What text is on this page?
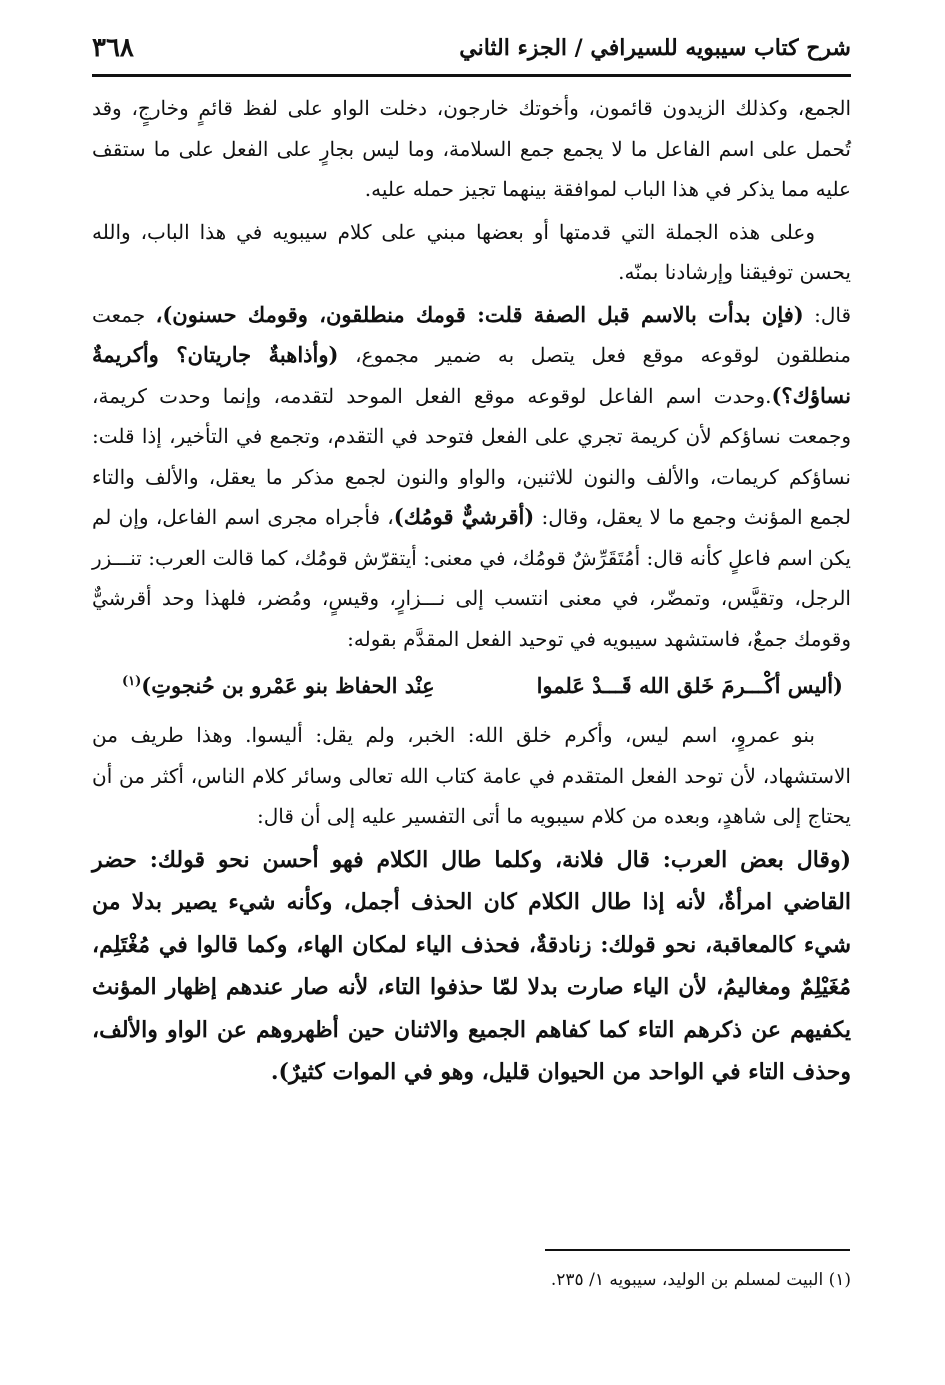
٣٦٨	شرح كتاب سيبويه للسيرافي / الجزء الثاني

الجمع، وكذلك الزيدون قائمون، وأخوتك خارجون، دخلت الواو على لفظ قائمٍ وخارجٍ، وقد تُحمل على اسم الفاعل ما لا يجمع جمع السلامة، وما ليس بجارٍ على الفعل على ما ستقف عليه مما يذكر في هذا الباب لموافقة بينهما تجيز حمله عليه.

وعلى هذه الجملة التي قدمتها أو بعضها مبني على كلام سيبويه في هذا الباب، والله يحسن توفيقنا وإرشادنا بمنّه.

قال: (فإن بدأت بالاسم قبل الصفة قلت: قومك منطلقون، وقومك حسنون)، جمعت منطلقون لوقوعه موقع فعل يتصل به ضمير مجموع، (وأذاهبةٌ جاريتان؟ وأكريمةٌ نساؤك؟).وحدت اسم الفاعل لوقوعه موقع الفعل الموحد لتقدمه، وإنما وحدت كريمة، وجمعت نساؤكم لأن كريمة تجري على الفعل فتوحد في التقدم، وتجمع في التأخير، إذا قلت: نساؤكم كريمات، والألف والنون للاثنين، والواو والنون لجمع مذكر ما يعقل، والألف والتاء لجمع المؤنث وجمع ما لا يعقل، وقال: (أقرشيٌّ قومُك)، فأجراه مجرى اسم الفاعل، وإن لم يكن اسم فاعلٍ كأنه قال: أمُتَقَرِّشٌ قومُك، في معنى: أيتقرّش قومُك، كما قالت العرب: تنـــزر الرجل، وتقيَّس، وتمضّر، في معنى انتسب إلى نـــزارٍ، وقيسٍ، ومُضر، فلهذا وحد أقرشيٌّ وقومك جمعٌ، فاستشهد سيبويه في توحيد الفعل المقدَّم بقوله:

(أليس أكْـــرمَ خَلق الله قَـــدْ عَلموا
عِنْد الحفاظ بنو عَمْرو بن حُنجوتِ)$^{(١)}$

بنو عمروٍ، اسم ليس، وأكرم خلق الله: الخبر، ولم يقل: أليسوا. وهذا طريف من الاستشهاد، لأن توحد الفعل المتقدم في عامة كتاب الله تعالى وسائر كلام الناس، أكثر من أن يحتاج إلى شاهدٍ، وبعده من كلام سيبويه ما أتى التفسير عليه إلى أن قال:

(وقال بعض العرب: قال فلانة، وكلما طال الكلام فهو أحسن نحو قولك: حضر القاضي امرأةٌ، لأنه إذا طال الكلام كان الحذف أجمل، وكأنه شيء يصير بدلا من شيء كالمعاقبة، نحو قولك: زنادقةٌ، فحذف الياء لمكان الهاء، وكما قالوا في مُغْتَلِم، مُغَيْلِمٌ ومغاليمُ، لأن الياء صارت بدلا لمّا حذفوا التاء، لأنه صار عندهم إظهار المؤنث يكفيهم عن ذكرهم التاء كما كفاهم الجميع والاثنان حين أظهروهم عن الواو والألف، وحذف التاء في الواحد من الحيوان قليل، وهو في الموات كثيرٌ).

(١) البيت لمسلم بن الوليد، سيبويه ١/ ٢٣٥.
